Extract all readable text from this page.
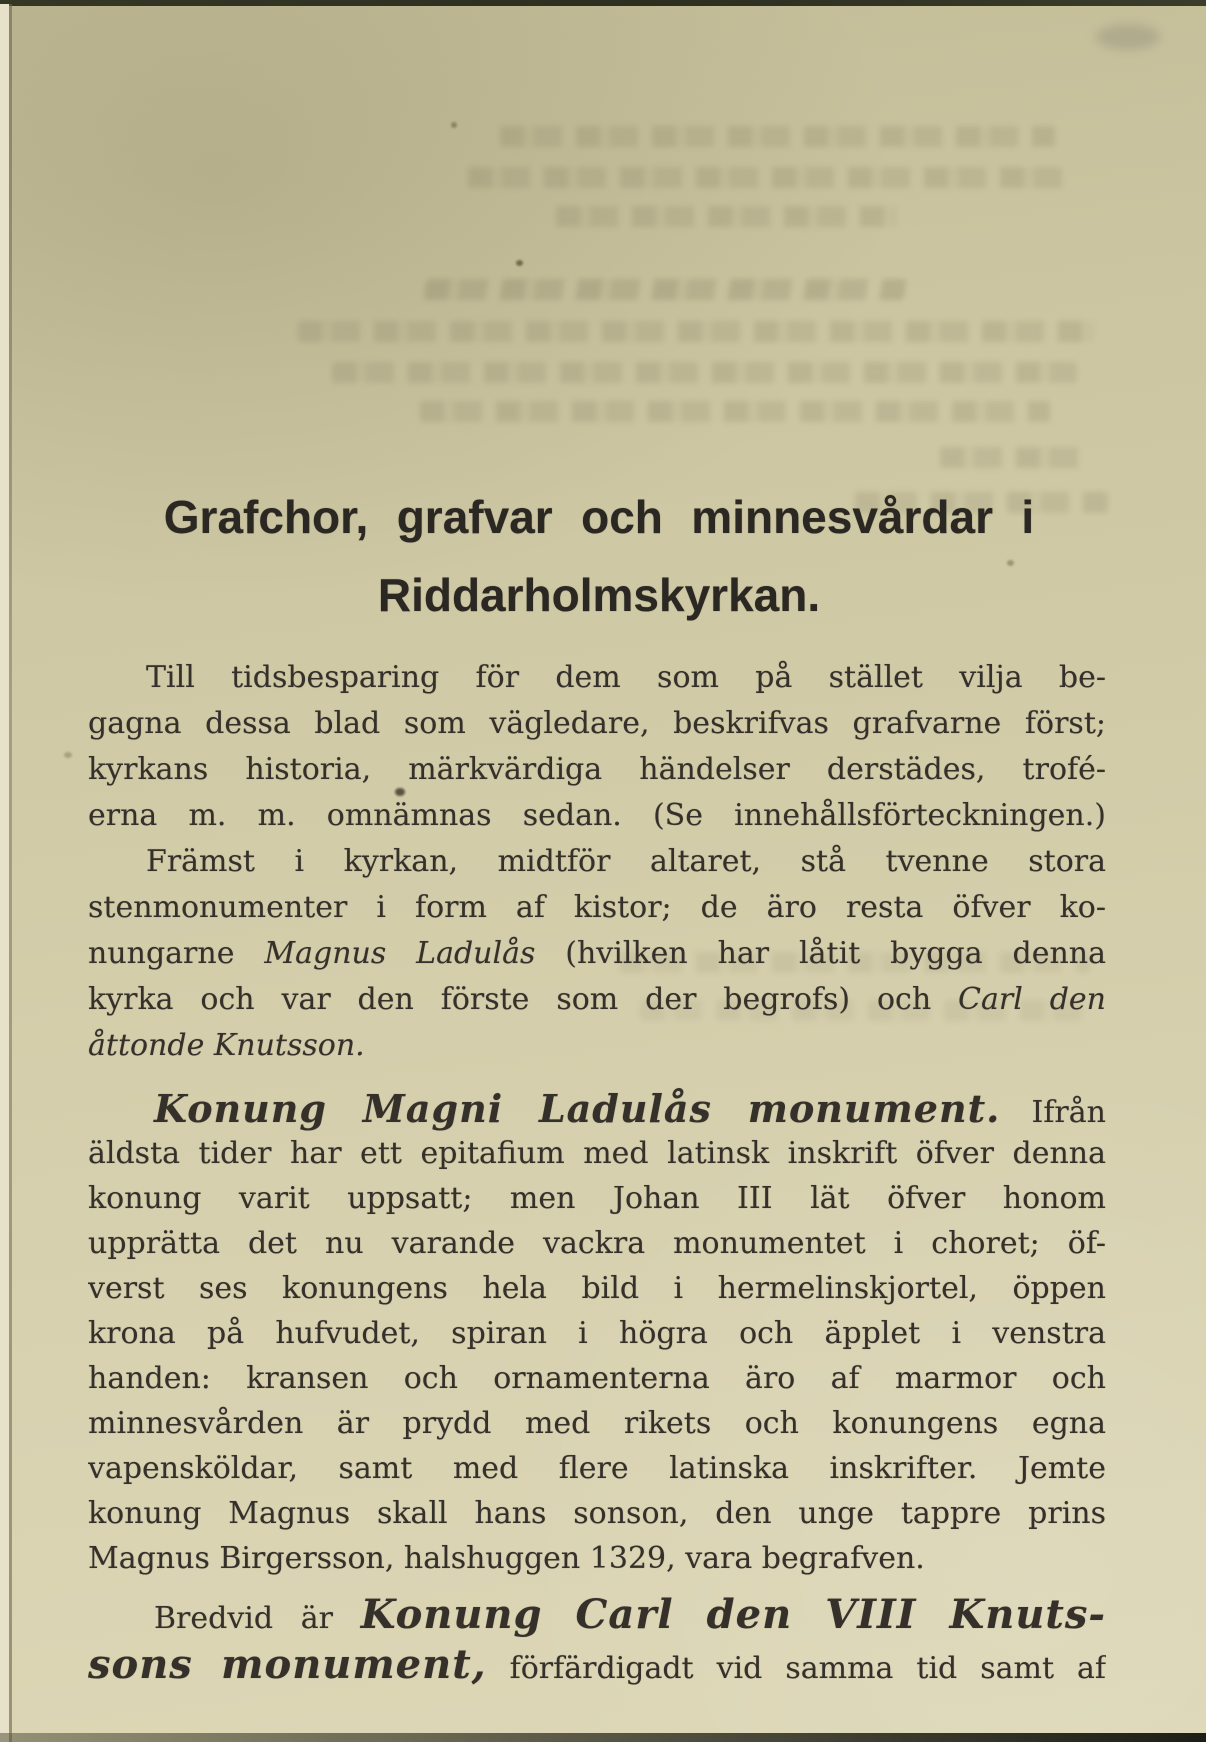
Grafchor, grafvar och minnesvårdar i
Riddarholmskyrkan.
Till tidsbesparing för dem som på stället vilja be-
gagna dessa blad som vägledare, beskrifvas grafvarne först;
kyrkans historia, märkvärdiga händelser derstädes, trofé-
erna m. m. omnämnas sedan. (Se innehållsförteckningen.)
Främst i kyrkan, midtför altaret, stå tvenne stora
stenmonumenter i form af kistor; de äro resta öfver ko-
nungarne Magnus Ladulås (hvilken har låtit bygga denna
kyrka och var den förste som der begrofs) och Carl den
åttonde Knutsson.
Konung Magni Ladulås monument. Ifrån
äldsta tider har ett epitafium med latinsk inskrift öfver denna
konung varit uppsatt; men Johan III lät öfver honom
upprätta det nu varande vackra monumentet i choret; öf-
verst ses konungens hela bild i hermelinskjortel, öppen
krona på hufvudet, spiran i högra och äpplet i venstra
handen: kransen och ornamenterna äro af marmor och
minnesvården är prydd med rikets och konungens egna
vapensköldar, samt med flere latinska inskrifter. Jemte
konung Magnus skall hans sonson, den unge tappre prins
Magnus Birgersson, halshuggen 1329, vara begrafven.
Bredvid är Konung Carl den VIII Knuts-
sons monument, förfärdigadt vid samma tid samt af
